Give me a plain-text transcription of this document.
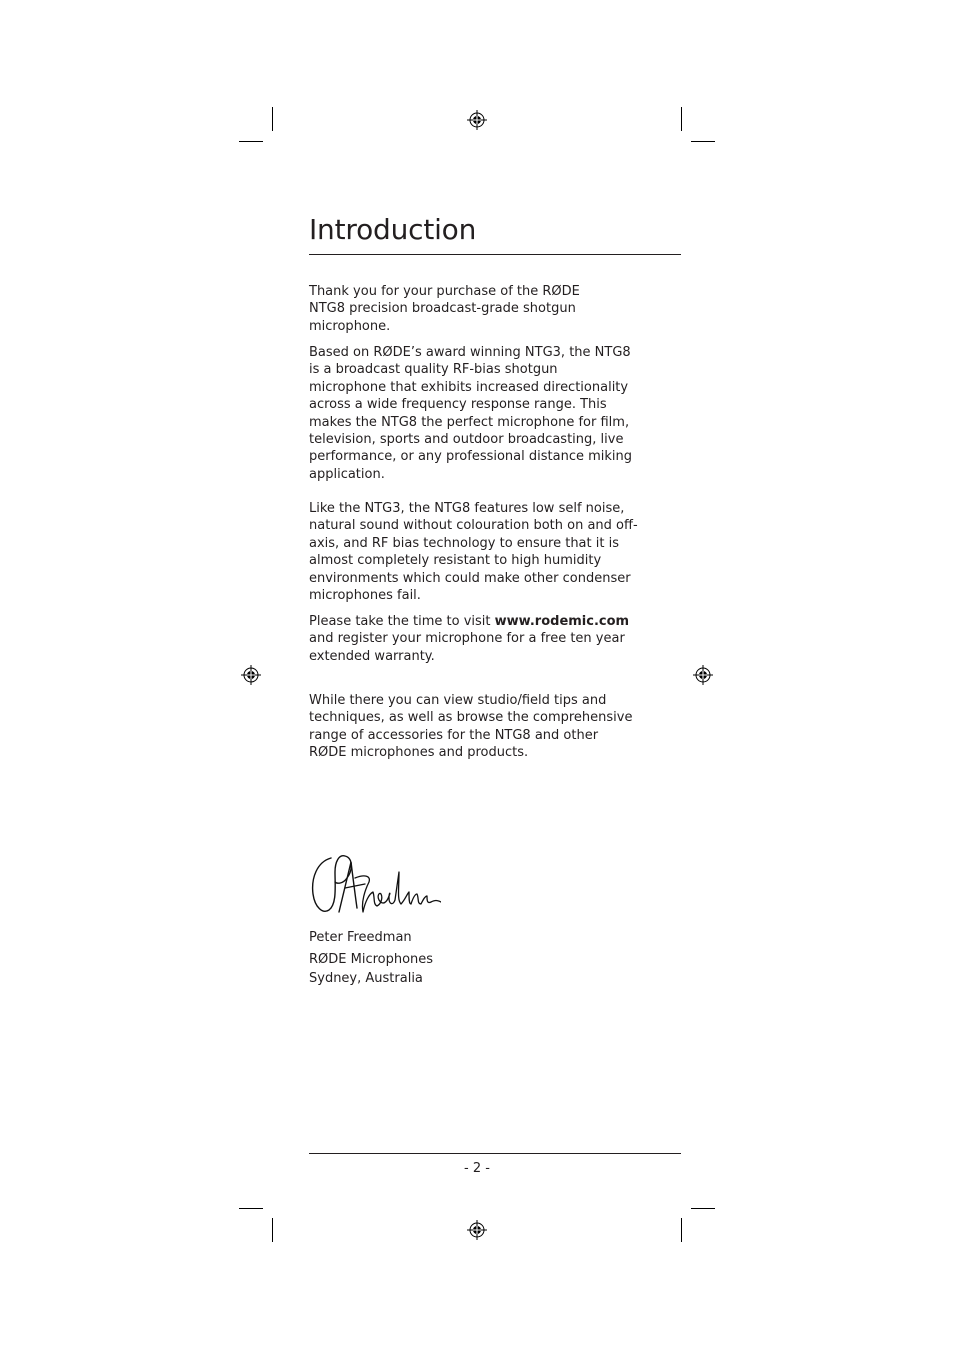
Introduction

Thank you for your purchase of the RØDE NTG8 precision broadcast-grade shotgun microphone.

Based on RØDE’s award winning NTG3, the NTG8 is a broadcast quality RF-bias shotgun microphone that exhibits increased directionality across a wide frequency response range. This makes the NTG8 the perfect microphone for film, television, sports and outdoor broadcasting, live performance, or any professional distance miking application.

Like the NTG3, the NTG8 features low self noise, natural sound without colouration both on and off-axis, and RF bias technology to ensure that it is almost completely resistant to high humidity environments which could make other condenser microphones fail.

Please take the time to visit www.rodemic.com and register your microphone for a free ten year extended warranty.

While there you can view studio/field tips and techniques, as well as browse the comprehensive range of accessories for the NTG8 and other RØDE microphones and products.

Peter Freedman
RØDE Microphones
Sydney, Australia
- 2 -
